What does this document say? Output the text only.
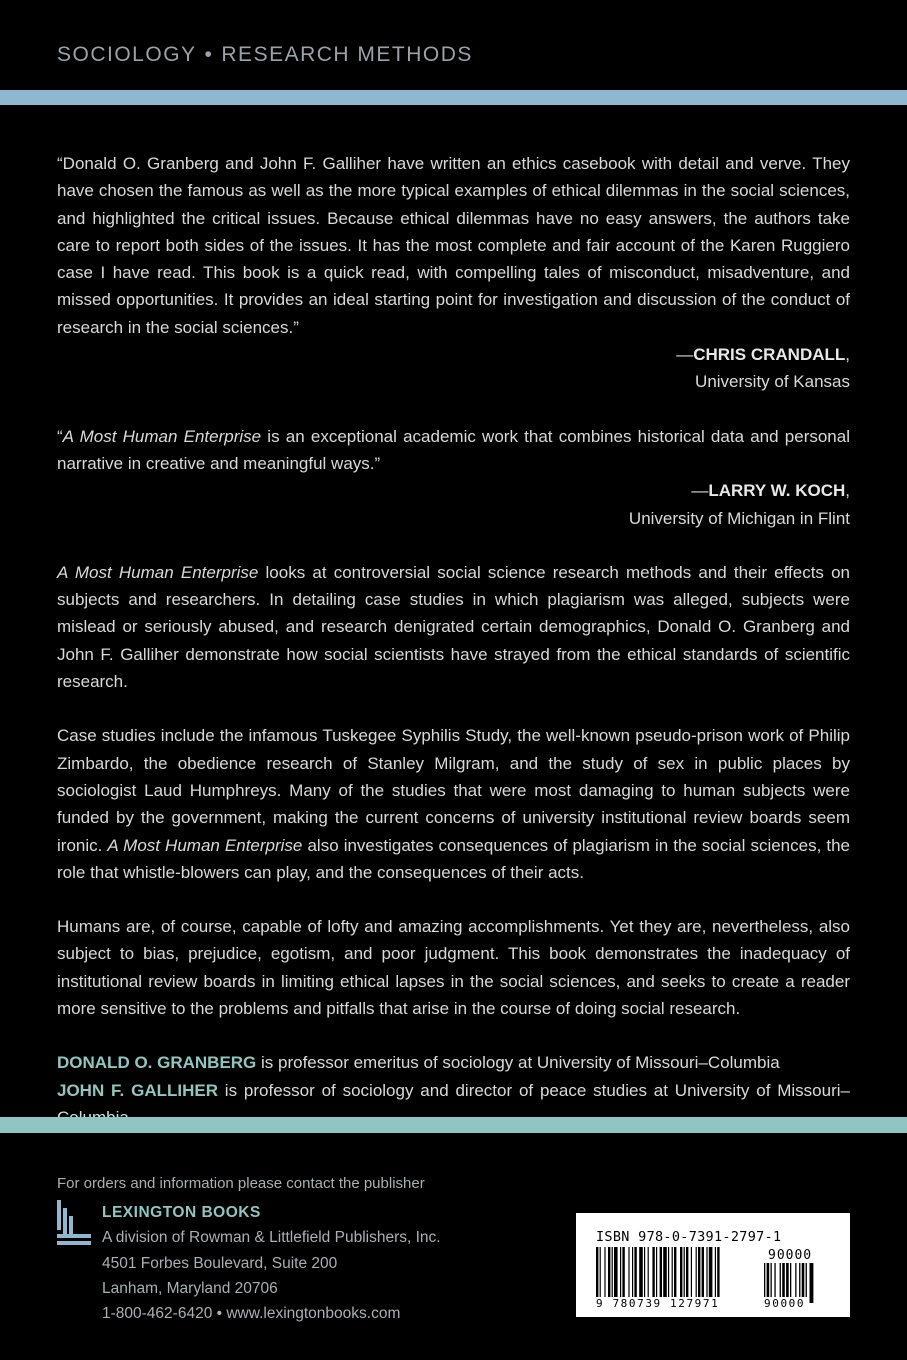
SOCIOLOGY • RESEARCH METHODS

“Donald O. Granberg and John F. Galliher have written an ethics casebook with detail and verve. They have chosen the famous as well as the more typical examples of ethical dilemmas in the social sciences, and highlighted the critical issues. Because ethical dilemmas have no easy answers, the authors take care to report both sides of the issues. It has the most complete and fair account of the Karen Ruggiero case I have read. This book is a quick read, with compelling tales of misconduct, misadventure, and missed opportunities. It provides an ideal starting point for investigation and discussion of the conduct of research in the social sciences.”

—CHRIS CRANDALL,
University of Kansas

“A Most Human Enterprise is an exceptional academic work that combines historical data and personal narrative in creative and meaningful ways.”

—LARRY W. KOCH,
University of Michigan in Flint

A Most Human Enterprise looks at controversial social science research methods and their effects on subjects and researchers. In detailing case studies in which plagiarism was alleged, subjects were mislead or seriously abused, and research denigrated certain demographics, Donald O. Granberg and John F. Galliher demonstrate how social scientists have strayed from the ethical standards of scientific research.

Case studies include the infamous Tuskegee Syphilis Study, the well-known pseudo-prison work of Philip Zimbardo, the obedience research of Stanley Milgram, and the study of sex in public places by sociologist Laud Humphreys. Many of the studies that were most damaging to human subjects were funded by the government, making the current concerns of university institutional review boards seem ironic. A Most Human Enterprise also investigates consequences of plagiarism in the social sciences, the role that whistle-blowers can play, and the consequences of their acts.

Humans are, of course, capable of lofty and amazing accomplishments. Yet they are, nevertheless, also subject to bias, prejudice, egotism, and poor judgment. This book demonstrates the inadequacy of institutional review boards in limiting ethical lapses in the social sciences, and seeks to create a reader more sensitive to the problems and pitfalls that arise in the course of doing social research.

DONALD O. GRANBERG is professor emeritus of sociology at University of Missouri–Columbia

JOHN F. GALLIHER is professor of sociology and director of peace studies at University of Missouri–

For orders and information please contact the publisher
LEXINGTON BOOKS
A division of Rowman & Littlefield Publishers, Inc.
4501 Forbes Boulevard, Suite 200
Lanham, Maryland 20706
1-800-462-6420 • www.lexingtonbooks.com
ISBN 978-0-7391-2797-1
90000
9 780739 127971	90000
